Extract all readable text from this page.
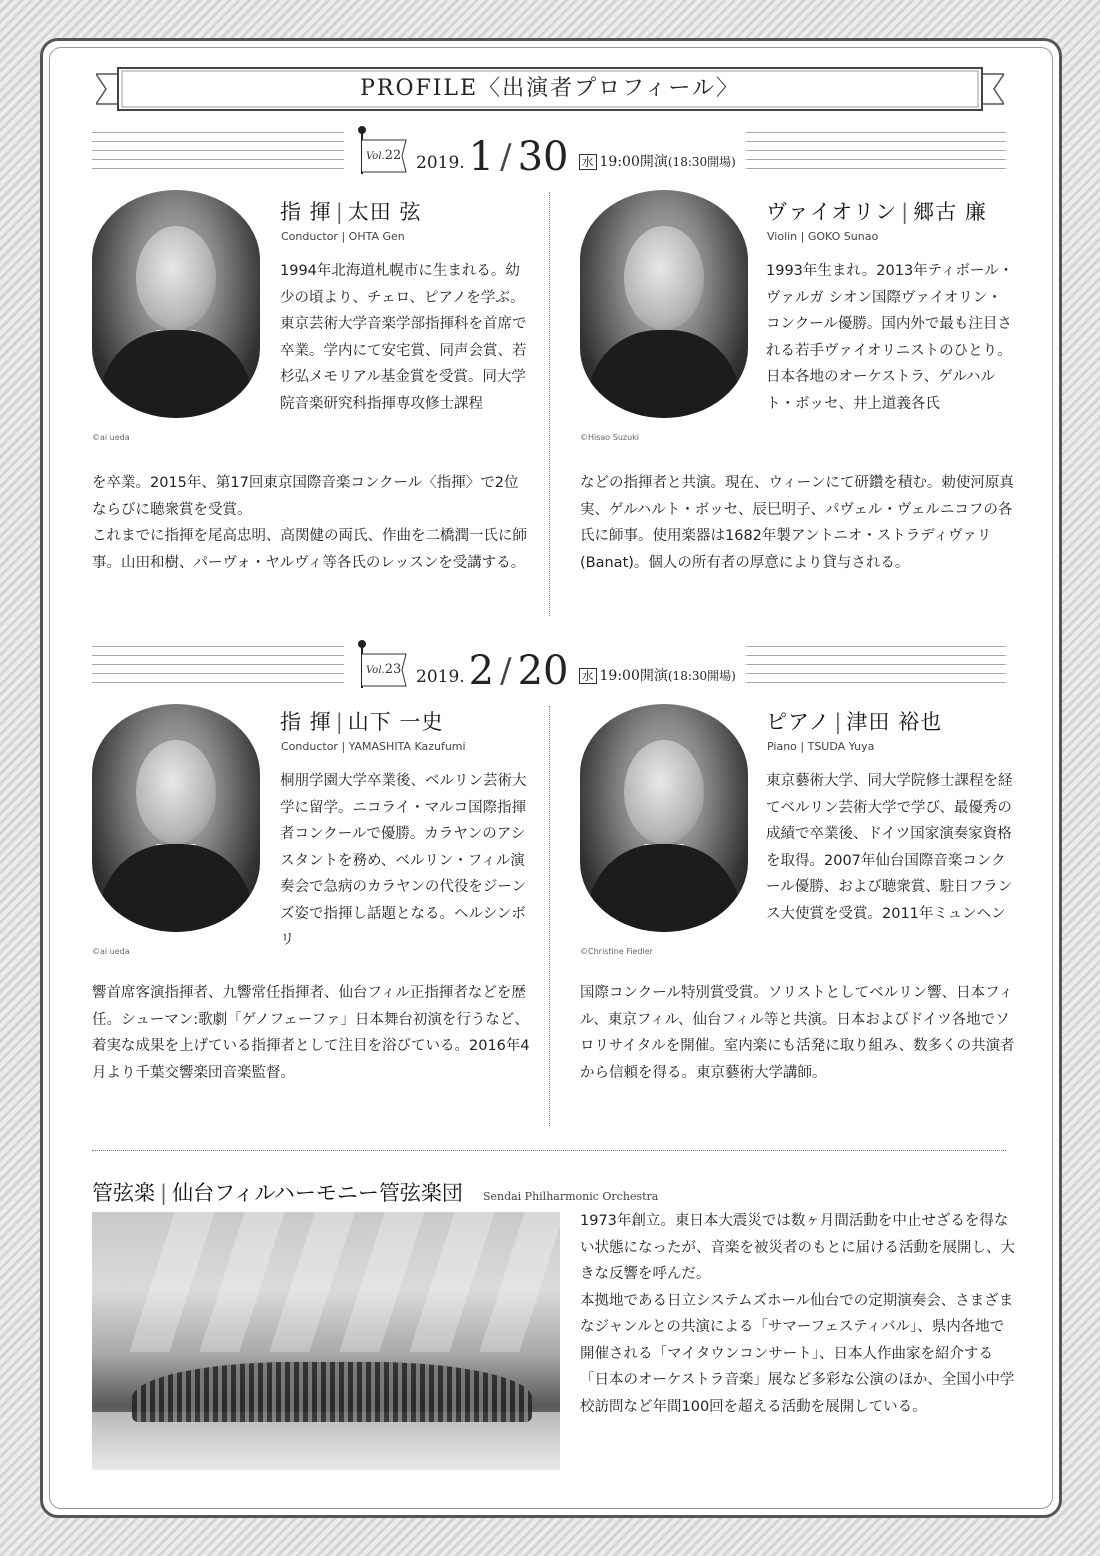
PROFILE〈出演者プロフィール〉
Vol.22 2019. 1 / 30 水 19:00開演(18:30開場)
©ai ueda
指 揮 | 太田 弦
Conductor | OHTA Gen

1994年北海道札幌市に生まれる。幼少の頃より、チェロ、ピアノを学ぶ。東京芸術大学音楽学部指揮科を首席で卒業。学内にて安宅賞、同声会賞、若杉弘メモリアル基金賞を受賞。同大学院音楽研究科指揮専攻修士課程

を卒業。2015年、第17回東京国際音楽コンクール〈指揮〉で2位ならびに聴衆賞を受賞。

これまでに指揮を尾高忠明、高関健の両氏、作曲を二橋潤一氏に師事。山田和樹、パーヴォ・ヤルヴィ等各氏のレッスンを受講する。

©Hisao Suzuki
ヴァイオリン | 郷古 廉
Violin | GOKO Sunao

1993年生まれ。2013年ティボール・ヴァルガ シオン国際ヴァイオリン・コンクール優勝。国内外で最も注目される若手ヴァイオリニストのひとり。日本各地のオーケストラ、ゲルハルト・ボッセ、井上道義各氏

などの指揮者と共演。現在、ウィーンにて研鑽を積む。勅使河原真実、ゲルハルト・ボッセ、辰巳明子、パヴェル・ヴェルニコフの各氏に師事。使用楽器は1682年製アントニオ・ストラディヴァリ(Banat)。個人の所有者の厚意により貸与される。

Vol.23 2019. 2 / 20 水 19:00開演(18:30開場)
©ai ueda
指 揮 | 山下 一史
Conductor | YAMASHITA Kazufumi

桐朋学園大学卒業後、ベルリン芸術大学に留学。ニコライ・マルコ国際指揮者コンクールで優勝。カラヤンのアシスタントを務め、ベルリン・フィル演奏会で急病のカラヤンの代役をジーンズ姿で指揮し話題となる。ヘルシンボリ

響首席客演指揮者、九響常任指揮者、仙台フィル正指揮者などを歴任。シューマン:歌劇「ゲノフェーファ」日本舞台初演を行うなど、着実な成果を上げている指揮者として注目を浴びている。2016年4月より千葉交響楽団音楽監督。

©Christine Fiedler
ピアノ | 津田 裕也
Piano | TSUDA Yuya

東京藝術大学、同大学院修士課程を経てベルリン芸術大学で学び、最優秀の成績で卒業後、ドイツ国家演奏家資格を取得。2007年仙台国際音楽コンクール優勝、および聴衆賞、駐日フランス大使賞を受賞。2011年ミュンヘン

国際コンクール特別賞受賞。ソリストとしてベルリン響、日本フィル、東京フィル、仙台フィル等と共演。日本およびドイツ各地でソロリサイタルを開催。室内楽にも活発に取り組み、数多くの共演者から信頼を得る。東京藝術大学講師。

管弦楽 | 仙台フィルハーモニー管弦楽団 Sendai Philharmonic Orchestra

1973年創立。東日本大震災では数ヶ月間活動を中止せざるを得ない状態になったが、音楽を被災者のもとに届ける活動を展開し、大きな反響を呼んだ。

本拠地である日立システムズホール仙台での定期演奏会、さまざまなジャンルとの共演による「サマーフェスティバル」、県内各地で開催される「マイタウンコンサート」、日本人作曲家を紹介する「日本のオーケストラ音楽」展など多彩な公演のほか、全国小中学校訪問など年間100回を超える活動を展開している。
